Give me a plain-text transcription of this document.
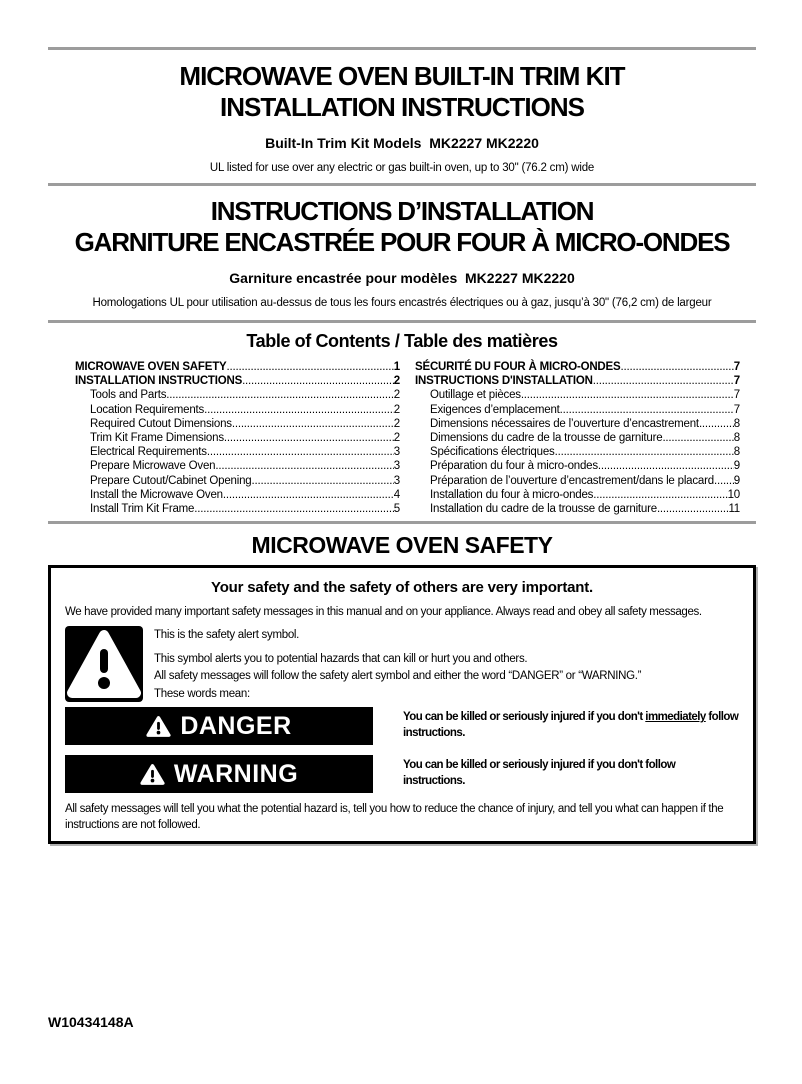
MICROWAVE OVEN BUILT-IN TRIM KIT
INSTALLATION INSTRUCTIONS
Built-In Trim Kit Models  MK2227 MK2220
UL listed for use over any electric or gas built-in oven, up to 30" (76.2 cm) wide
INSTRUCTIONS D’INSTALLATION
GARNITURE ENCASTRÉE POUR FOUR À MICRO-ONDES
Garniture encastrée pour modèles  MK2227 MK2220
Homologations UL pour utilisation au-dessus de tous les fours encastrés électriques ou à gaz, jusqu’à 30" (76,2 cm) de largeur
Table of Contents / Table des matières
MICROWAVE OVEN SAFETY .....	1
INSTALLATION INSTRUCTIONS .....	2
Tools and Parts .....	2
Location Requirements .....	2
Required Cutout Dimensions .....	2
Trim Kit Frame Dimensions .....	2
Electrical Requirements .....	3
Prepare Microwave Oven .....	3
Prepare Cutout/Cabinet Opening .....	3
Install the Microwave Oven .....	4
Install Trim Kit Frame .....	5
SÉCURITÉ DU FOUR À MICRO-ONDES .....	7
INSTRUCTIONS D'INSTALLATION .....	7
Outillage et pièces .....	7
Exigences d’emplacement .....	7
Dimensions nécessaires de l’ouverture d’encastrement .....	8
Dimensions du cadre de la trousse de garniture .....	8
Spécifications électriques .....	8
Préparation du four à micro-ondes .....	9
Préparation de l’ouverture d’encastrement/dans le placard ..... 9
Installation du four à micro-ondes .....	10
Installation du cadre de la trousse de garniture .....	11
MICROWAVE OVEN SAFETY
Your safety and the safety of others are very important.
We have provided many important safety messages in this manual and on your appliance. Always read and obey all safety messages.
This is the safety alert symbol.
This symbol alerts you to potential hazards that can kill or hurt you and others.
All safety messages will follow the safety alert symbol and either the word “DANGER” or “WARNING.”
These words mean:
DANGER	You can be killed or seriously injured if you don't immediately follow instructions.
WARNING	You can be killed or seriously injured if you don't follow instructions.
All safety messages will tell you what the potential hazard is, tell you how to reduce the chance of injury, and tell you what can happen if the instructions are not followed.
W10434148A
